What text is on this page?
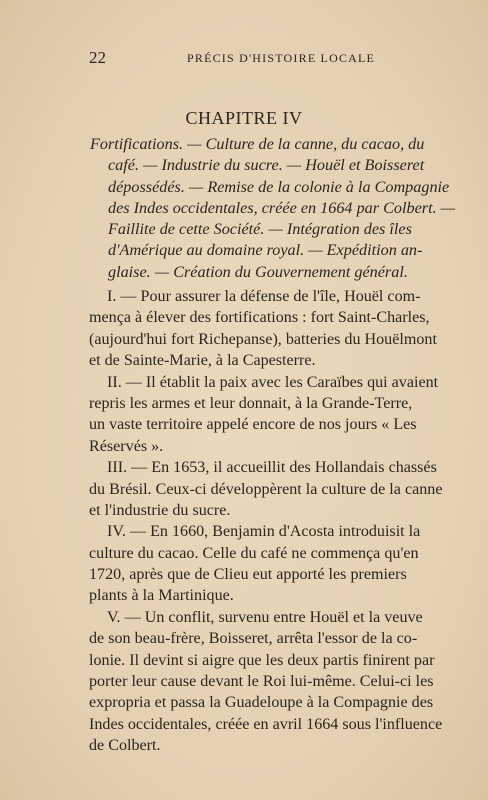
22	PRÉCIS D'HISTOIRE LOCALE
CHAPITRE IV
Fortifications. — Culture de la canne, du cacao, du
café. — Industrie du sucre. — Houël et Boisseret
dépossédés. — Remise de la colonie à la Compagnie
des Indes occidentales, créée en 1664 par Colbert. —
Faillite de cette Société. — Intégration des îles
d'Amérique au domaine royal. — Expédition an-
glaise. — Création du Gouvernement général.
I. — Pour assurer la défense de l'île, Houël com-
mença à élever des fortifications : fort Saint-Charles,
(aujourd'hui fort Richepanse), batteries du Houëlmont
et de Sainte-Marie, à la Capesterre.
II. — Il établit la paix avec les Caraïbes qui avaient
repris les armes et leur donnait, à la Grande-Terre,
un vaste territoire appelé encore de nos jours « Les
Réservés ».
III. — En 1653, il accueillit des Hollandais chassés
du Brésil. Ceux-ci développèrent la culture de la canne
et l'industrie du sucre.
IV. — En 1660, Benjamin d'Acosta introduisit la
culture du cacao. Celle du café ne commença qu'en
1720, après que de Clieu eut apporté les premiers
plants à la Martinique.
V. — Un conflit, survenu entre Houël et la veuve
de son beau-frère, Boisseret, arrêta l'essor de la co-
lonie. Il devint si aigre que les deux partis finirent par
porter leur cause devant le Roi lui-même. Celui-ci les
expropria et passa la Guadeloupe à la Compagnie des
Indes occidentales, créée en avril 1664 sous l'influence
de Colbert.
